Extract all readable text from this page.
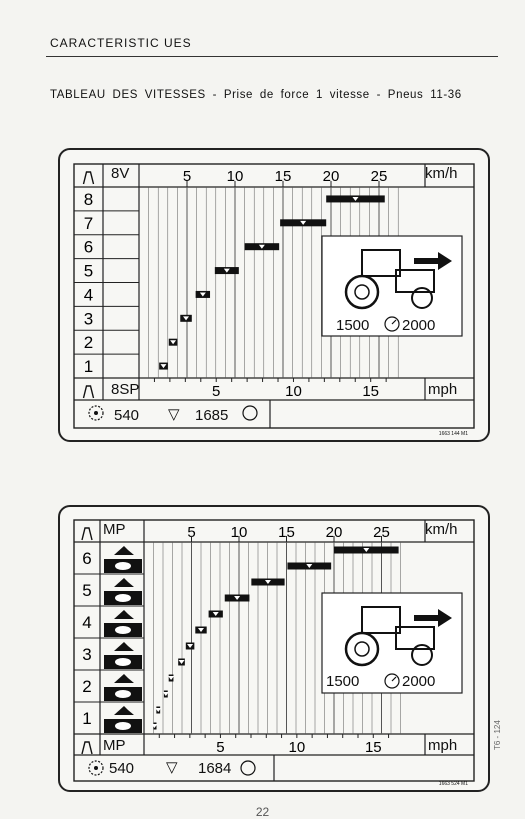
CARACTERISTIC UES
TABLEAU DES VITESSES - Prise de force 1 vitesse - Pneus 11-36
8
7
6
5
4
3
2
1
5 10 15 20 25
5	10	15
8V	km/h
8SP	mph
540 ▽ 1685
1500 2000
1663 144 M1
6
5
4
3
2
1
5 10 15 20 25
5	10	15
MP	km/h
MP	mph
540 ▽ 1684
1500	2000
1663 524 M1
22
T6 - 124
